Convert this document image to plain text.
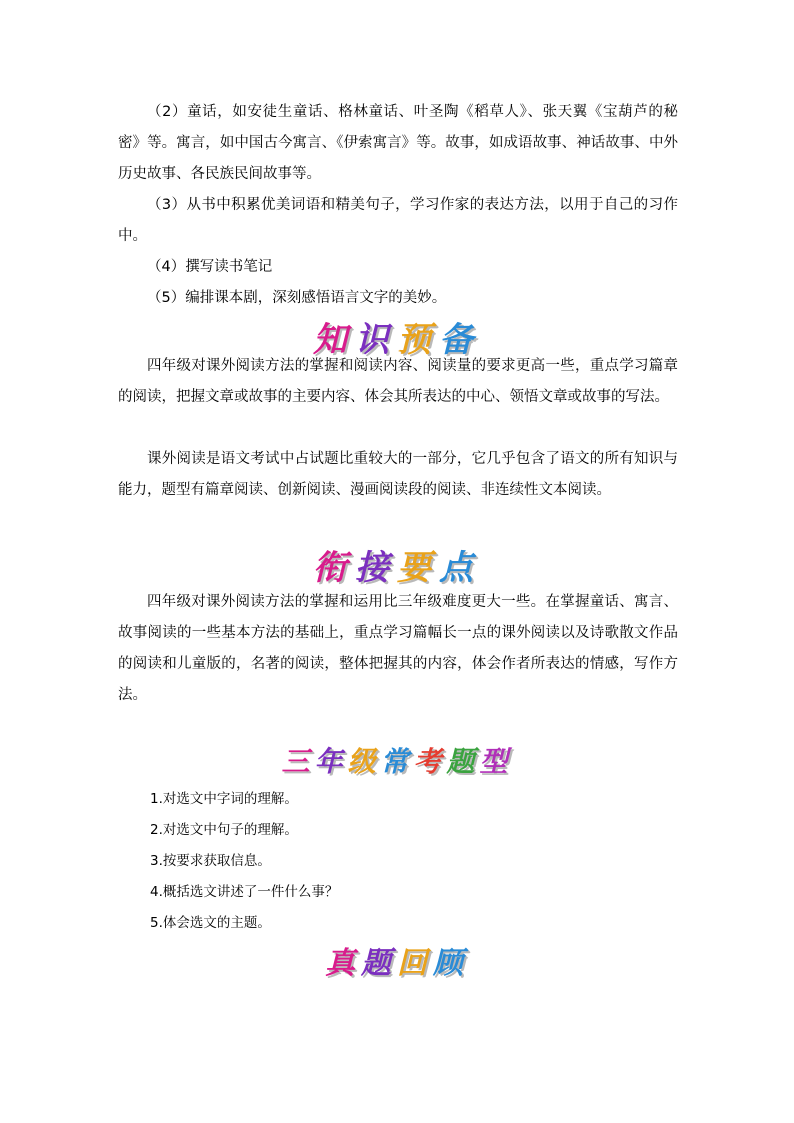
（2）童话，如安徒生童话、格林童话、叶圣陶《稻草人》、张天翼《宝葫芦的秘密》等。寓言，如中国古今寓言、《伊索寓言》等。故事，如成语故事、神话故事、中外历史故事、各民族民间故事等。

（3）从书中积累优美词语和精美句子，学习作家的表达方法，以用于自己的习作中。

（4）撰写读书笔记

（5）编排课本剧，深刻感悟语言文字的美妙。

知识预备

四年级对课外阅读方法的掌握和阅读内容、阅读量的要求更高一些，重点学习篇章的阅读，把握文章或故事的主要内容、体会其所表达的中心、领悟文章或故事的写法。

课外阅读是语文考试中占试题比重较大的一部分，它几乎包含了语文的所有知识与能力，题型有篇章阅读、创新阅读、漫画阅读段的阅读、非连续性文本阅读。

衔接要点

四年级对课外阅读方法的掌握和运用比三年级难度更大一些。在掌握童话、寓言、故事阅读的一些基本方法的基础上，重点学习篇幅长一点的课外阅读以及诗歌散文作品的阅读和儿童版的，名著的阅读，整体把握其的内容，体会作者所表达的情感，写作方法。

三年级常考题型

1.对选文中字词的理解。

2.对选文中句子的理解。

3.按要求获取信息。

4.概括选文讲述了一件什么事？

5.体会选文的主题。

真题回顾
